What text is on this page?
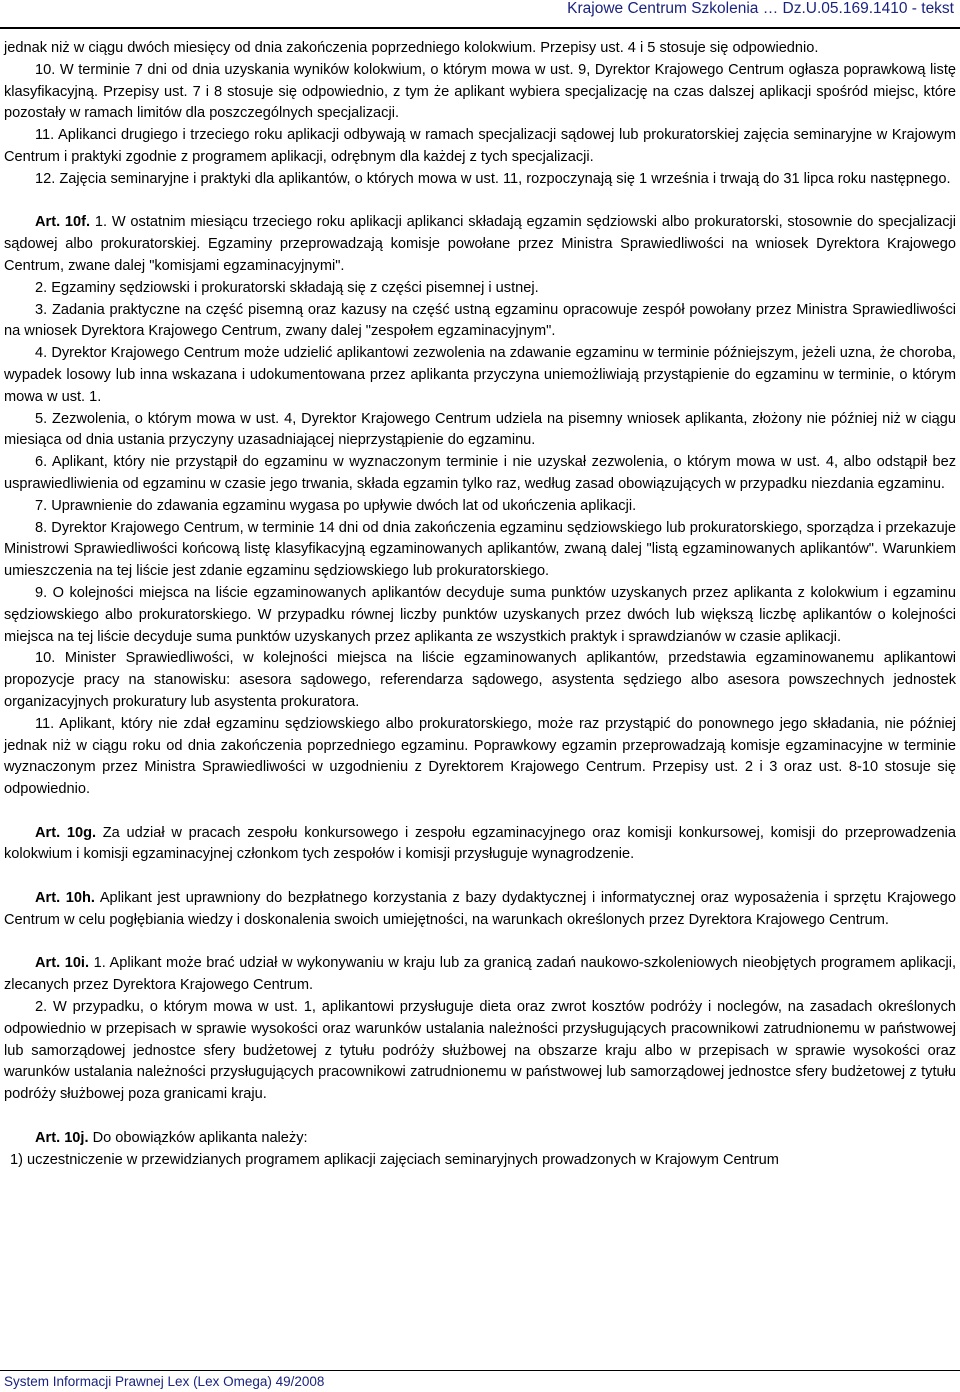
Krajowe Centrum Szkolenia … Dz.U.05.169.1410 - tekst

jednak niż w ciągu dwóch miesięcy od dnia zakończenia poprzedniego kolokwium. Przepisy ust. 4 i 5 stosuje się odpowiednio.

10. W terminie 7 dni od dnia uzyskania wyników kolokwium, o którym mowa w ust. 9, Dyrektor Krajowego Centrum ogłasza poprawkową listę klasyfikacyjną. Przepisy ust. 7 i 8 stosuje się odpowiednio, z tym że aplikant wybiera specjalizację na czas dalszej aplikacji spośród miejsc, które pozostały w ramach limitów dla poszczególnych specjalizacji.

11. Aplikanci drugiego i trzeciego roku aplikacji odbywają w ramach specjalizacji sądowej lub prokuratorskiej zajęcia seminaryjne w Krajowym Centrum i praktyki zgodnie z programem aplikacji, odrębnym dla każdej z tych specjalizacji.

12. Zajęcia seminaryjne i praktyki dla aplikantów, o których mowa w ust. 11, rozpoczynają się 1 września i trwają do 31 lipca roku następnego.

Art. 10f. 1. W ostatnim miesiącu trzeciego roku aplikacji aplikanci składają egzamin sędziowski albo prokuratorski, stosownie do specjalizacji sądowej albo prokuratorskiej. Egzaminy przeprowadzają komisje powołane przez Ministra Sprawiedliwości na wniosek Dyrektora Krajowego Centrum, zwane dalej "komisjami egzaminacyjnymi".

2. Egzaminy sędziowski i prokuratorski składają się z części pisemnej i ustnej.

3. Zadania praktyczne na część pisemną oraz kazusy na część ustną egzaminu opracowuje zespół powołany przez Ministra Sprawiedliwości na wniosek Dyrektora Krajowego Centrum, zwany dalej "zespołem egzaminacyjnym".

4. Dyrektor Krajowego Centrum może udzielić aplikantowi zezwolenia na zdawanie egzaminu w terminie późniejszym, jeżeli uzna, że choroba, wypadek losowy lub inna wskazana i udokumentowana przez aplikanta przyczyna uniemożliwiają przystąpienie do egzaminu w terminie, o którym mowa w ust. 1.

5. Zezwolenia, o którym mowa w ust. 4, Dyrektor Krajowego Centrum udziela na pisemny wniosek aplikanta, złożony nie później niż w ciągu miesiąca od dnia ustania przyczyny uzasadniającej nieprzystąpienie do egzaminu.

6. Aplikant, który nie przystąpił do egzaminu w wyznaczonym terminie i nie uzyskał zezwolenia, o którym mowa w ust. 4, albo odstąpił bez usprawiedliwienia od egzaminu w czasie jego trwania, składa egzamin tylko raz, według zasad obowiązujących w przypadku niezdania egzaminu.

7. Uprawnienie do zdawania egzaminu wygasa po upływie dwóch lat od ukończenia aplikacji.

8. Dyrektor Krajowego Centrum, w terminie 14 dni od dnia zakończenia egzaminu sędziowskiego lub prokuratorskiego, sporządza i przekazuje Ministrowi Sprawiedliwości końcową listę klasyfikacyjną egzaminowanych aplikantów, zwaną dalej "listą egzaminowanych aplikantów". Warunkiem umieszczenia na tej liście jest zdanie egzaminu sędziowskiego lub prokuratorskiego.

9. O kolejności miejsca na liście egzaminowanych aplikantów decyduje suma punktów uzyskanych przez aplikanta z kolokwium i egzaminu sędziowskiego albo prokuratorskiego. W przypadku równej liczby punktów uzyskanych przez dwóch lub większą liczbę aplikantów o kolejności miejsca na tej liście decyduje suma punktów uzyskanych przez aplikanta ze wszystkich praktyk i sprawdzianów w czasie aplikacji.

10. Minister Sprawiedliwości, w kolejności miejsca na liście egzaminowanych aplikantów, przedstawia egzaminowanemu aplikantowi propozycje pracy na stanowisku: asesora sądowego, referendarza sądowego, asystenta sędziego albo asesora powszechnych jednostek organizacyjnych prokuratury lub asystenta prokuratora.

11. Aplikant, który nie zdał egzaminu sędziowskiego albo prokuratorskiego, może raz przystąpić do ponownego jego składania, nie później jednak niż w ciągu roku od dnia zakończenia poprzedniego egzaminu. Poprawkowy egzamin przeprowadzają komisje egzaminacyjne w terminie wyznaczonym przez Ministra Sprawiedliwości w uzgodnieniu z Dyrektorem Krajowego Centrum. Przepisy ust. 2 i 3 oraz ust. 8-10 stosuje się odpowiednio.

Art. 10g. Za udział w pracach zespołu konkursowego i zespołu egzaminacyjnego oraz komisji konkursowej, komisji do przeprowadzenia kolokwium i komisji egzaminacyjnej członkom tych zespołów i komisji przysługuje wynagrodzenie.

Art. 10h. Aplikant jest uprawniony do bezpłatnego korzystania z bazy dydaktycznej i informatycznej oraz wyposażenia i sprzętu Krajowego Centrum w celu pogłębiania wiedzy i doskonalenia swoich umiejętności, na warunkach określonych przez Dyrektora Krajowego Centrum.

Art. 10i. 1. Aplikant może brać udział w wykonywaniu w kraju lub za granicą zadań naukowo-szkoleniowych nieobjętych programem aplikacji, zlecanych przez Dyrektora Krajowego Centrum.

2. W przypadku, o którym mowa w ust. 1, aplikantowi przysługuje dieta oraz zwrot kosztów podróży i noclegów, na zasadach określonych odpowiednio w przepisach w sprawie wysokości oraz warunków ustalania należności przysługujących pracownikowi zatrudnionemu w państwowej lub samorządowej jednostce sfery budżetowej z tytułu podróży służbowej na obszarze kraju albo w przepisach w sprawie wysokości oraz warunków ustalania należności przysługujących pracownikowi zatrudnionemu w państwowej lub samorządowej jednostce sfery budżetowej z tytułu podróży służbowej poza granicami kraju.

Art. 10j. Do obowiązków aplikanta należy:

1) uczestniczenie w przewidzianych programem aplikacji zajęciach seminaryjnych prowadzonych w Krajowym Centrum

System Informacji Prawnej Lex (Lex Omega) 49/2008
